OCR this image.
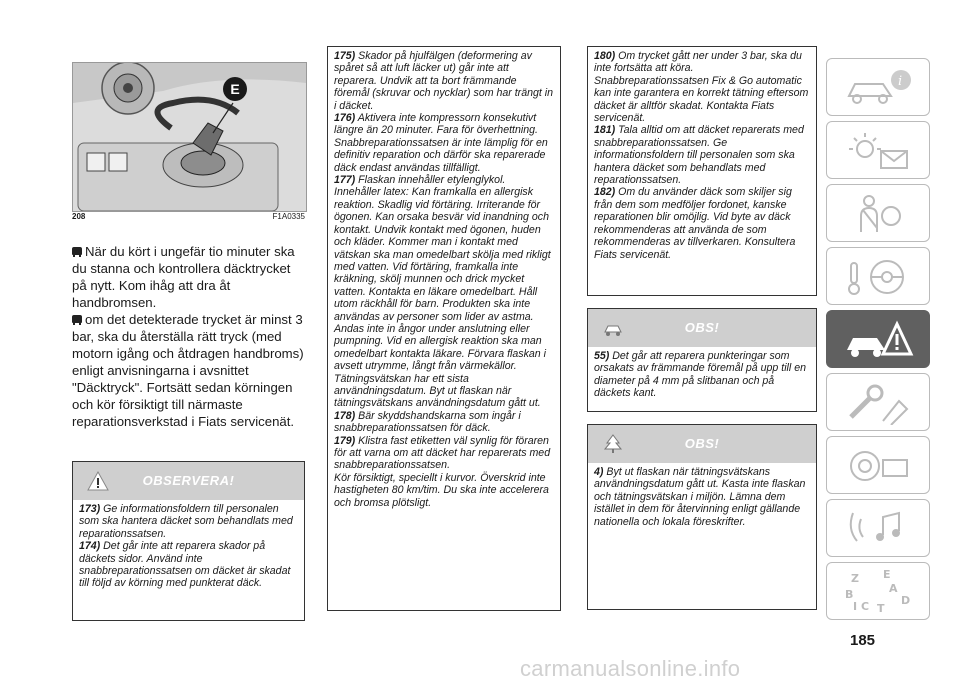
E
208	F1A0335

När du kört i ungefär tio minuter ska du stanna och kontrollera däcktrycket på nytt. Kom ihåg att dra åt handbromsen.

om det detekterade trycket är minst 3 bar, ska du återställa rätt tryck (med motorn igång och åtdragen handbroms) enligt anvisningarna i avsnittet "Däcktryck". Fortsätt sedan körningen och kör försiktigt till närmaste reparationsverkstad i Fiats servicenät.

OBSERVERA!

173) Ge informationsfoldern till personalen som ska hantera däcket som behandlats med reparationssatsen.

174) Det går inte att reparera skador på däckets sidor. Använd inte snabbreparationssatsen om däcket är skadat till följd av körning med punkterat däck.

175) Skador på hjulfälgen (deformering av spåret så att luft läcker ut) går inte att reparera. Undvik att ta bort främmande föremål (skruvar och nycklar) som har trängt in i däcket.

176) Aktivera inte kompressorn konsekutivt längre än 20 minuter. Fara för överhettning. Snabbreparationssatsen är inte lämplig för en definitiv reparation och därför ska reparerade däck endast användas tillfälligt.

177) Flaskan innehåller etylenglykol. Innehåller latex: Kan framkalla en allergisk reaktion. Skadlig vid förtäring. Irriterande för ögonen. Kan orsaka besvär vid inandning och kontakt. Undvik kontakt med ögonen, huden och kläder. Kommer man i kontakt med vätskan ska man omedelbart skölja med rikligt med vatten. Vid förtäring, framkalla inte kräkning, skölj munnen och drick mycket vatten. Kontakta en läkare omedelbart. Håll utom räckhåll för barn. Produkten ska inte användas av personer som lider av astma. Andas inte in ångor under anslutning eller pumpning. Vid en allergisk reaktion ska man omedelbart kontakta läkare. Förvara flaskan i avsett utrymme, långt från värmekällor. Tätningsvätskan har ett sista användningsdatum. Byt ut flaskan när tätningsvätskans användningsdatum gått ut.

178) Bär skyddshandskarna som ingår i snabbreparationssatsen för däck.

179) Klistra fast etiketten väl synlig för föraren för att varna om att däcket har reparerats med snabbreparationssatsen.

Kör försiktigt, speciellt i kurvor. Överskrid inte hastigheten 80 km/tim. Du ska inte accelerera och bromsa plötsligt.

180) Om trycket gått ner under 3 bar, ska du inte fortsätta att köra. Snabbreparationssatsen Fix & Go automatic kan inte garantera en korrekt tätning eftersom däcket är alltför skadat. Kontakta Fiats servicenät.

181) Tala alltid om att däcket reparerats med snabbreparationssatsen. Ge informationsfoldern till personalen som ska hantera däcket som behandlats med reparationssatsen.

182) Om du använder däck som skiljer sig från dem som medföljer fordonet, kanske reparationen blir omöjlig. Vid byte av däck rekommenderas att använda de som rekommenderas av tillverkaren. Konsultera Fiats servicenät.

OBS!

55) Det går att reparera punkteringar som orsakats av främmande föremål på upp till en diameter på 4 mm på slitbanan och på däckets kant.

OBS!

4) Byt ut flaskan när tätningsvätskans användningsdatum gått ut. Kasta inte flaskan och tätningsvätskan i miljön. Lämna dem istället in dem för återvinning enligt gällande nationella och lokala föreskrifter.

i
Z E
A
B	D
C T
I
185
carmanualsonline.info
